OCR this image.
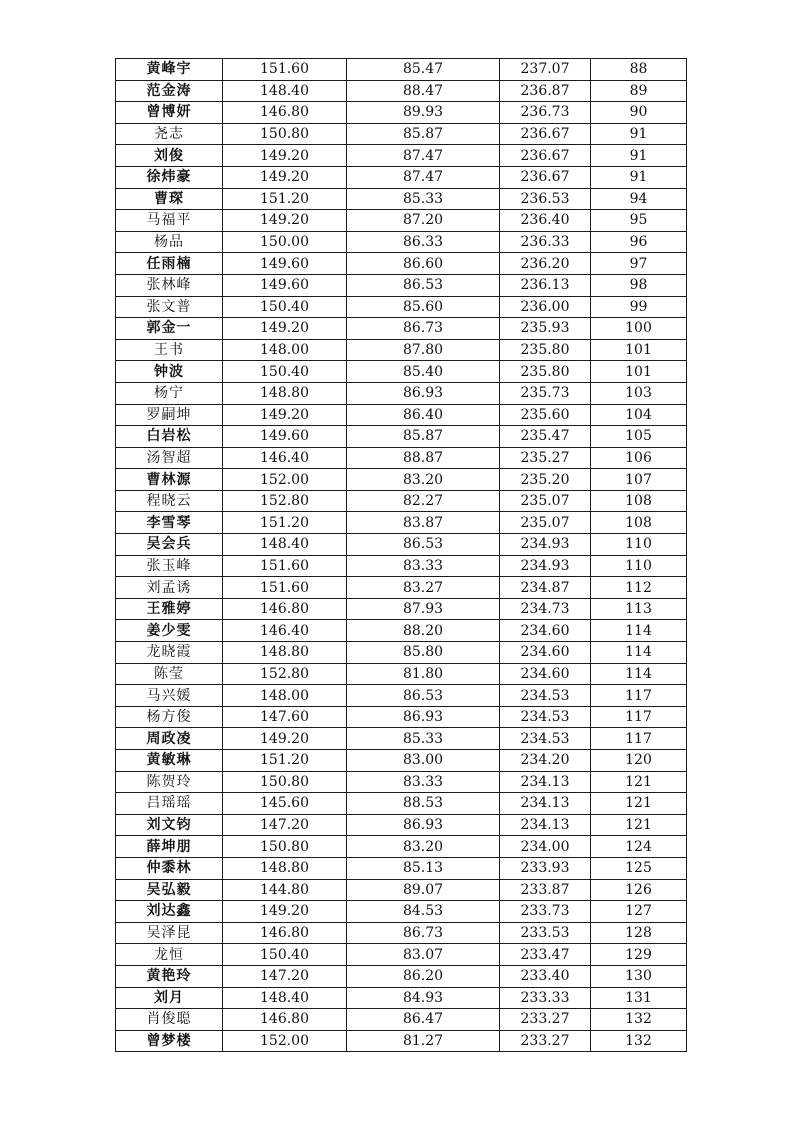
黄峰宇	151.60	85.47	237.07	88
范金涛	148.40	88.47	236.87	89
曾博妍	146.80	89.93	236.73	90
尧志	150.80	85.87	236.67	91
刘俊	149.20	87.47	236.67	91
徐炜豪	149.20	87.47	236.67	91
曹琛	151.20	85.33	236.53	94
马福平	149.20	87.20	236.40	95
杨品	150.00	86.33	236.33	96
任雨楠	149.60	86.60	236.20	97
张林峰	149.60	86.53	236.13	98
张文普	150.40	85.60	236.00	99
郭金一	149.20	86.73	235.93	100
王书	148.00	87.80	235.80	101
钟波	150.40	85.40	235.80	101
杨宁	148.80	86.93	235.73	103
罗嗣坤	149.20	86.40	235.60	104
白岩松	149.60	85.87	235.47	105
汤智超	146.40	88.87	235.27	106
曹林源	152.00	83.20	235.20	107
程晓云	152.80	82.27	235.07	108
李雪琴	151.20	83.87	235.07	108
吴会兵	148.40	86.53	234.93	110
张玉峰	151.60	83.33	234.93	110
刘孟诱	151.60	83.27	234.87	112
王雅婷	146.80	87.93	234.73	113
姜少雯	146.40	88.20	234.60	114
龙晓霞	148.80	85.80	234.60	114
陈莹	152.80	81.80	234.60	114
马兴媛	148.00	86.53	234.53	117
杨方俊	147.60	86.93	234.53	117
周政凌	149.20	85.33	234.53	117
黄敏琳	151.20	83.00	234.20	120
陈贺玲	150.80	83.33	234.13	121
吕瑶瑶	145.60	88.53	234.13	121
刘文钧	147.20	86.93	234.13	121
薛坤朋	150.80	83.20	234.00	124
仲黍林	148.80	85.13	233.93	125
吴弘毅	144.80	89.07	233.87	126
刘达鑫	149.20	84.53	233.73	127
吴泽昆	146.80	86.73	233.53	128
龙恒	150.40	83.07	233.47	129
黄艳玲	147.20	86.20	233.40	130
刘月	148.40	84.93	233.33	131
肖俊聪	146.80	86.47	233.27	132
曾梦楼	152.00	81.27	233.27	132
